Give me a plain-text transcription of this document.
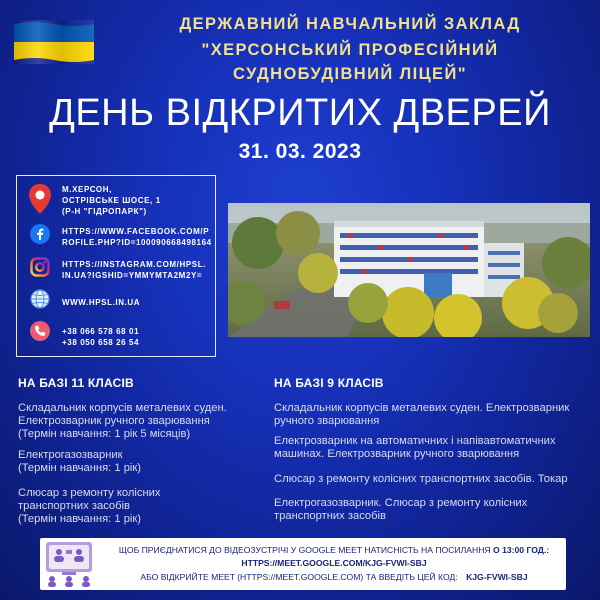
ДЕРЖАВНИЙ НАВЧАЛЬНИЙ ЗАКЛАД
"ХЕРСОНСЬКИЙ ПРОФЕСІЙНИЙ
СУДНОБУДІВНИЙ ЛІЦЕЙ"
ДЕНЬ ВІДКРИТИХ ДВЕРЕЙ
31. 03. 2023
М.ХЕРСОН,
ОСТРІВСЬКЕ ШОСЕ, 1
(Р-Н "ГІДРОПАРК")
HTTPS://WWW.FACEBOOK.COM/P
ROFILE.PHP?ID=100090668498164
HTTPS://INSTAGRAM.COM/HPSL.
IN.UA?IGSHID=YMMYMTA2M2Y=
WWW.HPSL.IN.UA
+38 066 578 68 01
+38 050 658 26 54
НА БАЗІ 11 КЛАСІВ
Складальник корпусів металевих суден.
Електрозварник ручного зварювання
(Термін навчання: 1 рік 5 місяців)
Електрогазозварник
(Термін навчання: 1 рік)
Слюсар з ремонту колісних
транспортних засобів
(Термін навчання: 1 рік)
НА БАЗІ 9 КЛАСІВ
Складальник корпусів металевих суден. Електрозварник
ручного зварювання
Електрозварник на автоматичних і напівавтоматичних
машинах. Електрозварник ручного зварювання
Слюсар з ремонту колісних транспортних засобів. Токар
Електрогазозварник. Слюсар з ремонту колісних
транспортних засобів
ЩОБ ПРИЄДНАТИСЯ ДО ВІДЕОЗУСТРІЧІ У GOOGLE MEET НАТИСНІСТЬ НА ПОСИЛАННЯ О 13:00 ГОД.:
HTTPS://MEET.GOOGLE.COM/KJG-FVWI-SBJ
АБО ВІДКРИЙТЕ MEET (HTTPS://MEET.GOOGLE.COM) ТА ВВЕДІТЬ ЦЕЙ КОД: KJG-FVWI-SBJ
